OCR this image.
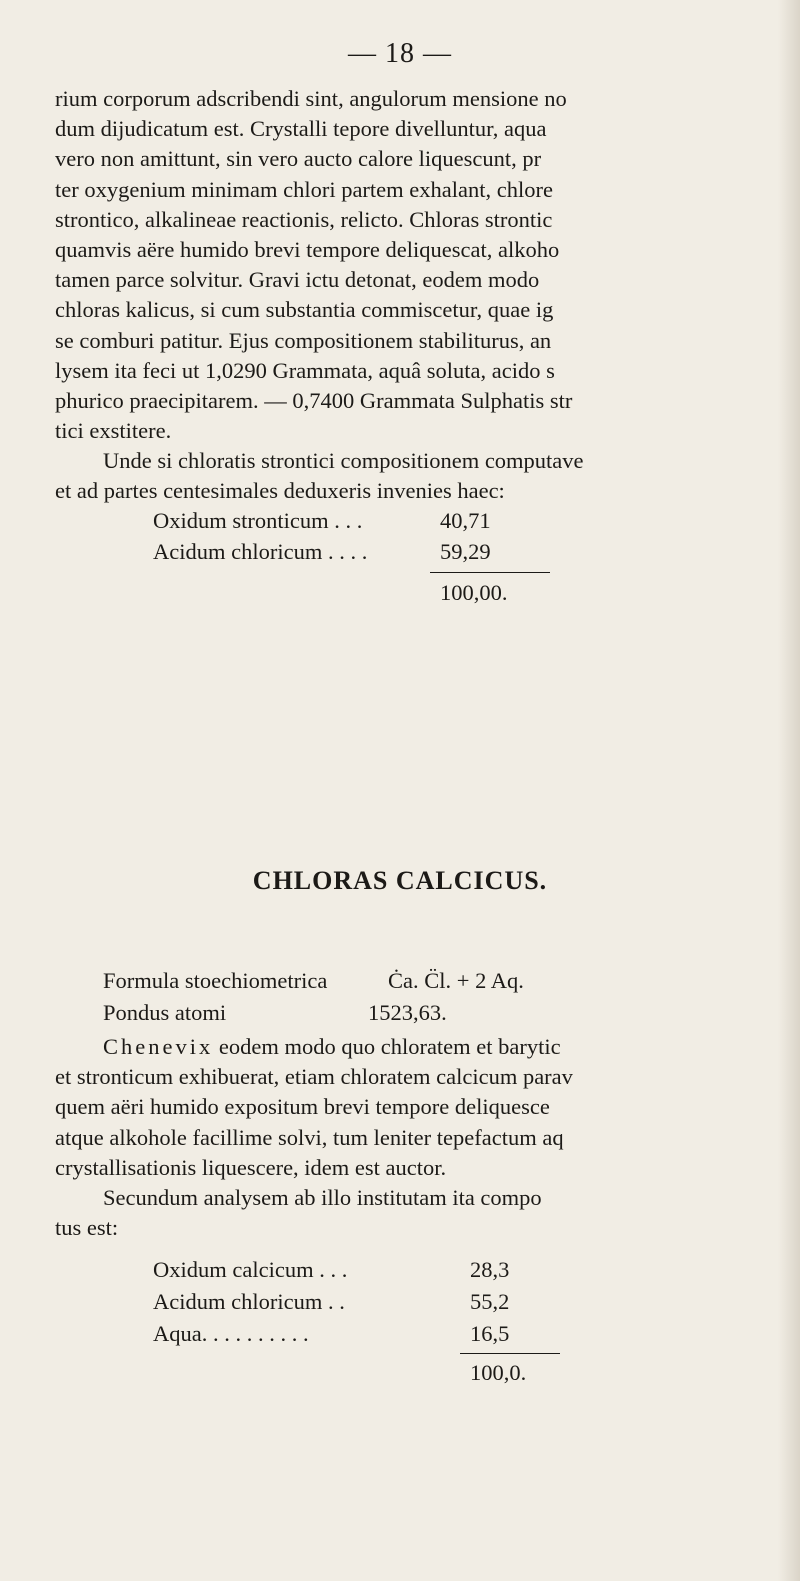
— 18 —
rium corporum adscribendi sint, angulorum mensione no
dum dijudicatum est. Crystalli tepore divelluntur, aqua
vero non amittunt, sin vero aucto calore liquescunt, pr
ter oxygenium minimam chlori partem exhalant, chlore
strontico, alkalineae reactionis, relicto. Chloras strontic
quamvis aëre humido brevi tempore deliquescat, alkoho
tamen parce solvitur. Gravi ictu detonat, eodem modo
chloras kalicus, si cum substantia commiscetur, quae ig
se comburi patitur. Ejus compositionem stabiliturus, an
lysem ita feci ut 1,0290 Grammata, aquâ soluta, acido s
phurico praecipitarem. — 0,7400 Grammata Sulphatis str
tici exstitere.
Unde si chloratis strontici compositionem computave
et ad partes centesimales deduxeris invenies haec:
Oxidum stronticum . . .	40,71
Acidum chloricum . . . .	59,29
100,00.
CHLORAS CALCICUS.
Formula stoechiometrica	Ċa. C̈l. + 2 Aq.
Pondus atomi	1523,63.
Chenevix eodem modo quo chloratem et barytic
et stronticum exhibuerat, etiam chloratem calcicum parav
quem aëri humido expositum brevi tempore deliquesce
atque alkohole facillime solvi, tum leniter tepefactum aq
crystallisationis liquescere, idem est auctor.
Secundum analysem ab illo institutam ita compo
tus est:
Oxidum calcicum . . .	28,3
Acidum chloricum . .	55,2
Aqua. . . . . . . . . .	16,5
100,0.
